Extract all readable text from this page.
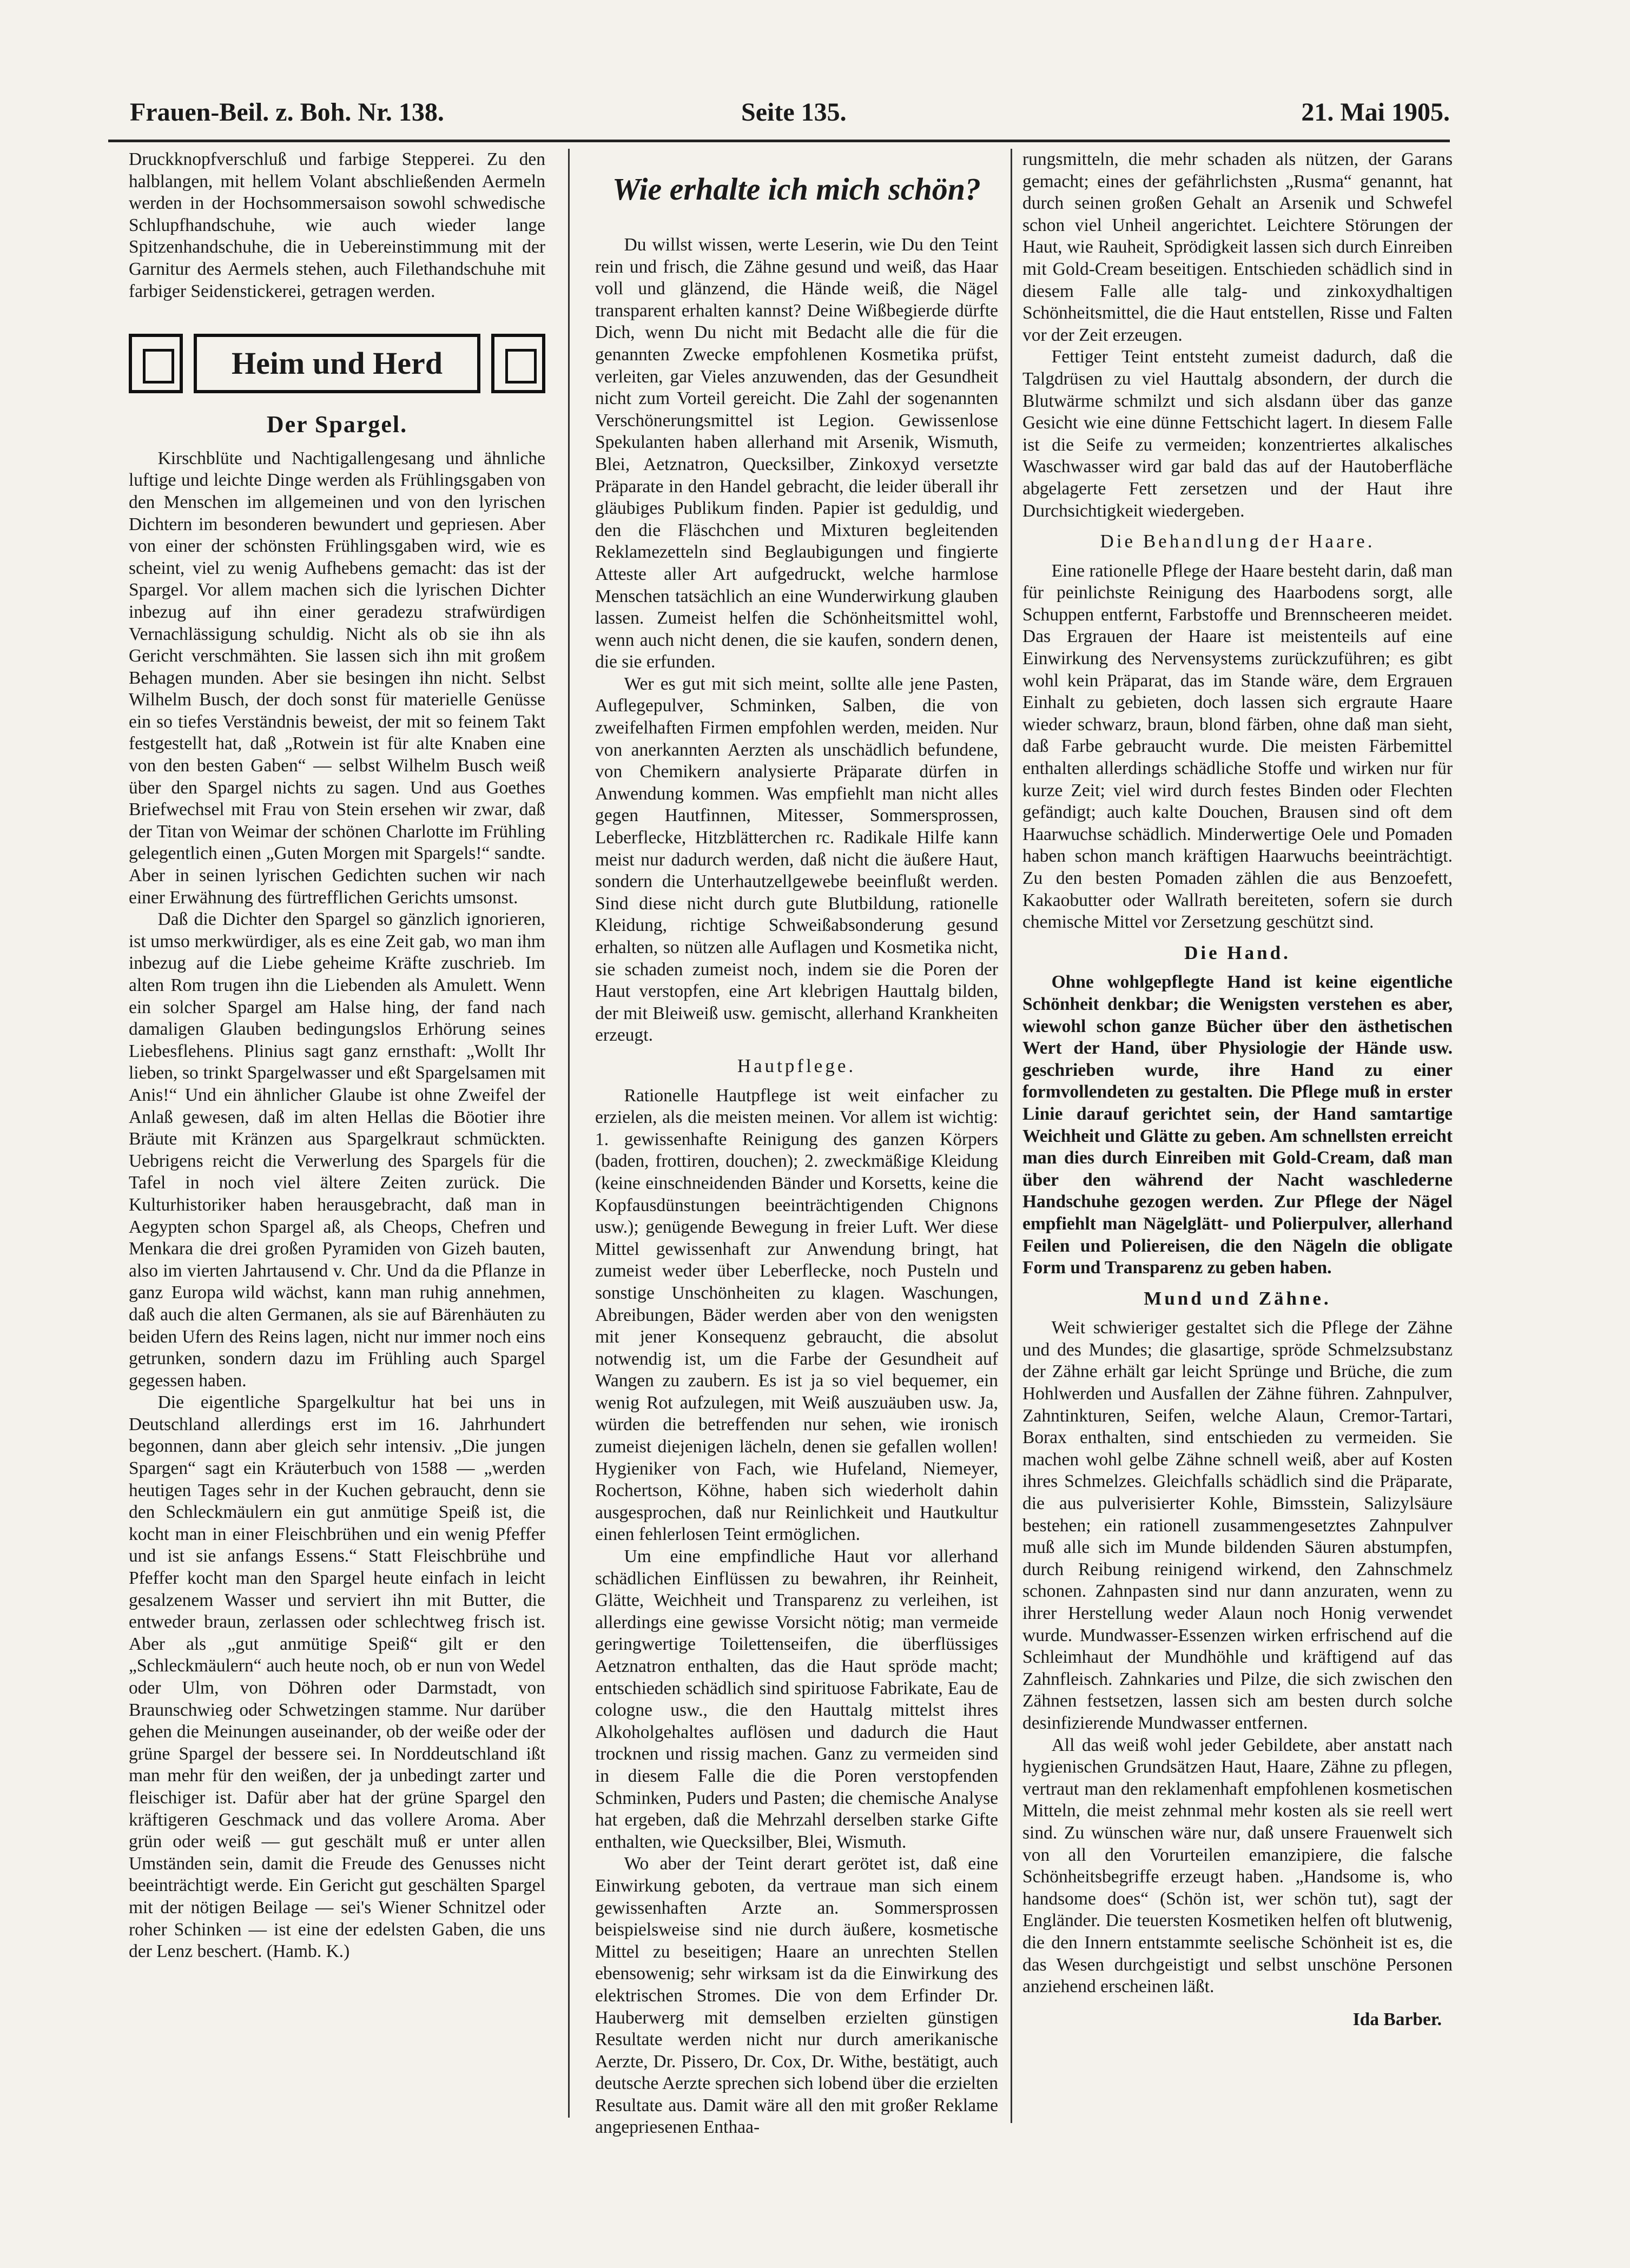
Frauen-Beil. z. Boh. Nr. 138.	Seite 135.	21. Mai 1905.

Druckknopfverschluß und farbige Stepperei. Zu den halblangen, mit hellem Volant abschließenden Aermeln werden in der Hochsommersaison sowohl schwedische Schlupfhandschuhe, wie auch wieder lange Spitzenhandschuhe, die in Uebereinstimmung mit der Garnitur des Aermels stehen, auch Filethandschuhe mit farbiger Seidenstickerei, getragen werden.

Heim und Herd
Der Spargel.

Kirschblüte und Nachtigallengesang und ähnliche luftige und leichte Dinge werden als Frühlingsgaben von den Menschen im allgemeinen und von den lyrischen Dichtern im besonderen bewundert und gepriesen. Aber von einer der schönsten Frühlingsgaben wird, wie es scheint, viel zu wenig Aufhebens gemacht: das ist der Spargel. Vor allem machen sich die lyrischen Dichter inbezug auf ihn einer geradezu strafwürdigen Vernachlässigung schuldig. Nicht als ob sie ihn als Gericht verschmähten. Sie lassen sich ihn mit großem Behagen munden. Aber sie besingen ihn nicht. Selbst Wilhelm Busch, der doch sonst für materielle Genüsse ein so tiefes Verständnis beweist, der mit so feinem Takt festgestellt hat, daß „Rotwein ist für alte Knaben eine von den besten Gaben“ — selbst Wilhelm Busch weiß über den Spargel nichts zu sagen. Und aus Goethes Briefwechsel mit Frau von Stein ersehen wir zwar, daß der Titan von Weimar der schönen Charlotte im Frühling gelegentlich einen „Guten Morgen mit Spargels!“ sandte. Aber in seinen lyrischen Gedichten suchen wir nach einer Erwähnung des fürtrefflichen Gerichts umsonst.

Daß die Dichter den Spargel so gänzlich ignorieren, ist umso merkwürdiger, als es eine Zeit gab, wo man ihm inbezug auf die Liebe geheime Kräfte zuschrieb. Im alten Rom trugen ihn die Liebenden als Amulett. Wenn ein solcher Spargel am Halse hing, der fand nach damaligen Glauben bedingungslos Erhörung seines Liebesflehens. Plinius sagt ganz ernsthaft: „Wollt Ihr lieben, so trinkt Spargelwasser und eßt Spargelsamen mit Anis!“ Und ein ähnlicher Glaube ist ohne Zweifel der Anlaß gewesen, daß im alten Hellas die Böotier ihre Bräute mit Kränzen aus Spargelkraut schmückten. Uebrigens reicht die Verwerlung des Spargels für die Tafel in noch viel ältere Zeiten zurück. Die Kulturhistoriker haben herausgebracht, daß man in Aegypten schon Spargel aß, als Cheops, Chefren und Menkara die drei großen Pyramiden von Gizeh bauten, also im vierten Jahrtausend v. Chr. Und da die Pflanze in ganz Europa wild wächst, kann man ruhig annehmen, daß auch die alten Germanen, als sie auf Bärenhäuten zu beiden Ufern des Reins lagen, nicht nur immer noch eins getrunken, sondern dazu im Frühling auch Spargel gegessen haben.

Die eigentliche Spargelkultur hat bei uns in Deutschland allerdings erst im 16. Jahrhundert begonnen, dann aber gleich sehr intensiv. „Die jungen Spargen“ sagt ein Kräuterbuch von 1588 — „werden heutigen Tages sehr in der Kuchen gebraucht, denn sie den Schleckmäulern ein gut anmütige Speiß ist, die kocht man in einer Fleischbrühen und ein wenig Pfeffer und ist sie anfangs Essens.“ Statt Fleischbrühe und Pfeffer kocht man den Spargel heute einfach in leicht gesalzenem Wasser und serviert ihn mit Butter, die entweder braun, zerlassen oder schlechtweg frisch ist. Aber als „gut anmütige Speiß“ gilt er den „Schleckmäulern“ auch heute noch, ob er nun von Wedel oder Ulm, von Döhren oder Darmstadt, von Braunschwieg oder Schwetzingen stamme. Nur darüber gehen die Meinungen auseinander, ob der weiße oder der grüne Spargel der bessere sei. In Norddeutschland ißt man mehr für den weißen, der ja unbedingt zarter und fleischiger ist. Dafür aber hat der grüne Spargel den kräftigeren Geschmack und das vollere Aroma. Aber grün oder weiß — gut geschält muß er unter allen Umständen sein, damit die Freude des Genusses nicht beeinträchtigt werde. Ein Gericht gut geschälten Spargel mit der nötigen Beilage — sei's Wiener Schnitzel oder roher Schinken — ist eine der edelsten Gaben, die uns der Lenz beschert. (Hamb. K.)

Wie erhalte ich mich schön?

Du willst wissen, werte Leserin, wie Du den Teint rein und frisch, die Zähne gesund und weiß, das Haar voll und glänzend, die Hände weiß, die Nägel transparent erhalten kannst? Deine Wißbegierde dürfte Dich, wenn Du nicht mit Bedacht alle die für die genannten Zwecke empfohlenen Kosmetika prüfst, verleiten, gar Vieles anzuwenden, das der Gesundheit nicht zum Vorteil gereicht. Die Zahl der sogenannten Verschönerungsmittel ist Legion. Gewissenlose Spekulanten haben allerhand mit Arsenik, Wismuth, Blei, Aetznatron, Quecksilber, Zinkoxyd versetzte Präparate in den Handel gebracht, die leider überall ihr gläubiges Publikum finden. Papier ist geduldig, und den die Fläschchen und Mixturen begleitenden Reklamezetteln sind Beglaubigungen und fingierte Atteste aller Art aufgedruckt, welche harmlose Menschen tatsächlich an eine Wunderwirkung glauben lassen. Zumeist helfen die Schönheitsmittel wohl, wenn auch nicht denen, die sie kaufen, sondern denen, die sie erfunden.

Wer es gut mit sich meint, sollte alle jene Pasten, Auflegepulver, Schminken, Salben, die von zweifelhaften Firmen empfohlen werden, meiden. Nur von anerkannten Aerzten als unschädlich befundene, von Chemikern analysierte Präparate dürfen in Anwendung kommen. Was empfiehlt man nicht alles gegen Hautfinnen, Mitesser, Sommersprossen, Leberflecke, Hitzblätterchen rc. Radikale Hilfe kann meist nur dadurch werden, daß nicht die äußere Haut, sondern die Unterhautzellgewebe beeinflußt werden. Sind diese nicht durch gute Blutbildung, rationelle Kleidung, richtige Schweißabsonderung gesund erhalten, so nützen alle Auflagen und Kosmetika nicht, sie schaden zumeist noch, indem sie die Poren der Haut verstopfen, eine Art klebrigen Hauttalg bilden, der mit Bleiweiß usw. gemischt, allerhand Krankheiten erzeugt.

Hautpflege.

Rationelle Hautpflege ist weit einfacher zu erzielen, als die meisten meinen. Vor allem ist wichtig: 1. gewissenhafte Reinigung des ganzen Körpers (baden, frottiren, douchen); 2. zweckmäßige Kleidung (keine einschneidenden Bänder und Korsetts, keine die Kopfausdünstungen beeinträchtigenden Chignons usw.); genügende Bewegung in freier Luft. Wer diese Mittel gewissenhaft zur Anwendung bringt, hat zumeist weder über Leberflecke, noch Pusteln und sonstige Unschönheiten zu klagen. Waschungen, Abreibungen, Bäder werden aber von den wenigsten mit jener Konsequenz gebraucht, die absolut notwendig ist, um die Farbe der Gesundheit auf Wangen zu zaubern. Es ist ja so viel bequemer, ein wenig Rot aufzulegen, mit Weiß auszuäuben usw. Ja, würden die betreffenden nur sehen, wie ironisch zumeist diejenigen lächeln, denen sie gefallen wollen! Hygieniker von Fach, wie Hufeland, Niemeyer, Rochertson, Köhne, haben sich wiederholt dahin ausgesprochen, daß nur Reinlichkeit und Hautkultur einen fehlerlosen Teint ermöglichen.

Um eine empfindliche Haut vor allerhand schädlichen Einflüssen zu bewahren, ihr Reinheit, Glätte, Weichheit und Transparenz zu verleihen, ist allerdings eine gewisse Vorsicht nötig; man vermeide geringwertige Toilettenseifen, die überflüssiges Aetznatron enthalten, das die Haut spröde macht; entschieden schädlich sind spirituose Fabrikate, Eau de cologne usw., die den Hauttalg mittelst ihres Alkoholgehaltes auflösen und dadurch die Haut trocknen und rissig machen. Ganz zu vermeiden sind in diesem Falle die die Poren verstopfenden Schminken, Puders und Pasten; die chemische Analyse hat ergeben, daß die Mehrzahl derselben starke Gifte enthalten, wie Quecksilber, Blei, Wismuth.

Wo aber der Teint derart gerötet ist, daß eine Einwirkung geboten, da vertraue man sich einem gewissenhaften Arzte an. Sommersprossen beispielsweise sind nie durch äußere, kosmetische Mittel zu beseitigen; Haare an unrechten Stellen ebensowenig; sehr wirksam ist da die Einwirkung des elektrischen Stromes. Die von dem Erfinder Dr. Hauberwerg mit demselben erzielten günstigen Resultate werden nicht nur durch amerikanische Aerzte, Dr. Pissero, Dr. Cox, Dr. Withe, bestätigt, auch deutsche Aerzte sprechen sich lobend über die erzielten Resultate aus. Damit wäre all den mit großer Reklame angepriesenen Enthaa-

rungsmitteln, die mehr schaden als nützen, der Garans gemacht; eines der gefährlichsten „Rusma“ genannt, hat durch seinen großen Gehalt an Arsenik und Schwefel schon viel Unheil angerichtet. Leichtere Störungen der Haut, wie Rauheit, Sprödigkeit lassen sich durch Einreiben mit Gold-Cream beseitigen. Entschieden schädlich sind in diesem Falle alle talg- und zinkoxydhaltigen Schönheitsmittel, die die Haut entstellen, Risse und Falten vor der Zeit erzeugen.

Fettiger Teint entsteht zumeist dadurch, daß die Talgdrüsen zu viel Hauttalg absondern, der durch die Blutwärme schmilzt und sich alsdann über das ganze Gesicht wie eine dünne Fettschicht lagert. In diesem Falle ist die Seife zu vermeiden; konzentriertes alkalisches Waschwasser wird gar bald das auf der Hautoberfläche abgelagerte Fett zersetzen und der Haut ihre Durchsichtigkeit wiedergeben.

Die Behandlung der Haare.

Eine rationelle Pflege der Haare besteht darin, daß man für peinlichste Reinigung des Haarbodens sorgt, alle Schuppen entfernt, Farbstoffe und Brennscheeren meidet. Das Ergrauen der Haare ist meistenteils auf eine Einwirkung des Nervensystems zurückzuführen; es gibt wohl kein Präparat, das im Stande wäre, dem Ergrauen Einhalt zu gebieten, doch lassen sich ergraute Haare wieder schwarz, braun, blond färben, ohne daß man sieht, daß Farbe gebraucht wurde. Die meisten Färbemittel enthalten allerdings schädliche Stoffe und wirken nur für kurze Zeit; viel wird durch festes Binden oder Flechten gefändigt; auch kalte Douchen, Brausen sind oft dem Haarwuchse schädlich. Minderwertige Oele und Pomaden haben schon manch kräftigen Haarwuchs beeinträchtigt. Zu den besten Pomaden zählen die aus Benzoefett, Kakaobutter oder Wallrath bereiteten, sofern sie durch chemische Mittel vor Zersetzung geschützt sind.

Die Hand.

Ohne wohlgepflegte Hand ist keine eigentliche Schönheit denkbar; die Wenigsten verstehen es aber, wiewohl schon ganze Bücher über den ästhetischen Wert der Hand, über Physiologie der Hände usw. geschrieben wurde, ihre Hand zu einer formvollendeten zu gestalten. Die Pflege muß in erster Linie darauf gerichtet sein, der Hand samtartige Weichheit und Glätte zu geben. Am schnellsten erreicht man dies durch Einreiben mit Gold-Cream, daß man über den während der Nacht waschlederne Handschuhe gezogen werden. Zur Pflege der Nägel empfiehlt man Nägelglätt- und Polierpulver, allerhand Feilen und Poliereisen, die den Nägeln die obligate Form und Transparenz zu geben haben.

Mund und Zähne.

Weit schwieriger gestaltet sich die Pflege der Zähne und des Mundes; die glasartige, spröde Schmelzsubstanz der Zähne erhält gar leicht Sprünge und Brüche, die zum Hohlwerden und Ausfallen der Zähne führen. Zahnpulver, Zahntinkturen, Seifen, welche Alaun, Cremor-Tartari, Borax enthalten, sind entschieden zu vermeiden. Sie machen wohl gelbe Zähne schnell weiß, aber auf Kosten ihres Schmelzes. Gleichfalls schädlich sind die Präparate, die aus pulverisierter Kohle, Bimsstein, Salizylsäure bestehen; ein rationell zusammengesetztes Zahnpulver muß alle sich im Munde bildenden Säuren abstumpfen, durch Reibung reinigend wirkend, den Zahnschmelz schonen. Zahnpasten sind nur dann anzuraten, wenn zu ihrer Herstellung weder Alaun noch Honig verwendet wurde. Mundwasser-Essenzen wirken erfrischend auf die Schleimhaut der Mundhöhle und kräftigend auf das Zahnfleisch. Zahnkaries und Pilze, die sich zwischen den Zähnen festsetzen, lassen sich am besten durch solche desinfizierende Mundwasser entfernen.

All das weiß wohl jeder Gebildete, aber anstatt nach hygienischen Grundsätzen Haut, Haare, Zähne zu pflegen, vertraut man den reklamenhaft empfohlenen kosmetischen Mitteln, die meist zehnmal mehr kosten als sie reell wert sind. Zu wünschen wäre nur, daß unsere Frauenwelt sich von all den Vorurteilen emanzipiere, die falsche Schönheitsbegriffe erzeugt haben. „Handsome is, who handsome does“ (Schön ist, wer schön tut), sagt der Engländer. Die teuersten Kosmetiken helfen oft blutwenig, die den Innern entstammte seelische Schönheit ist es, die das Wesen durchgeistigt und selbst unschöne Personen anziehend erscheinen läßt.

Ida Barber.
